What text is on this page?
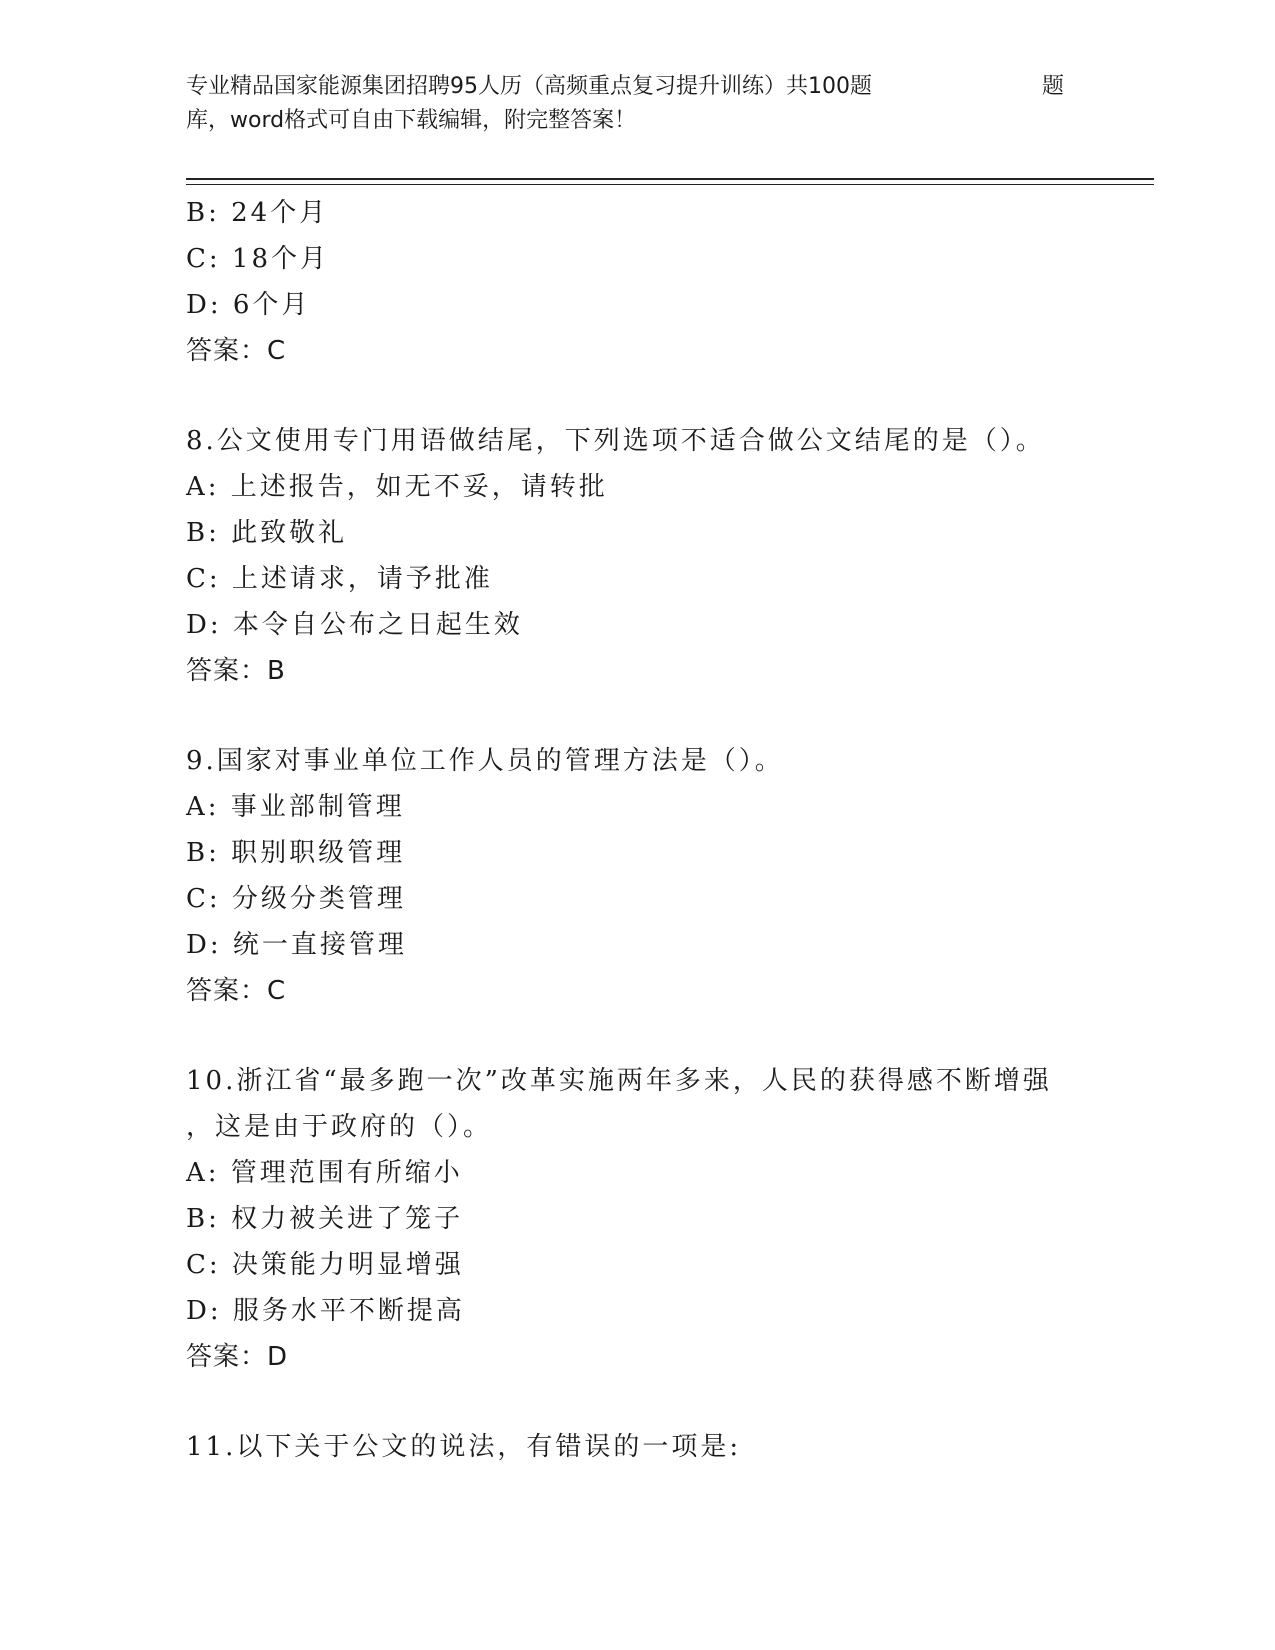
专业精品国家能源集团招聘95人历（高频重点复习提升训练）共100题	题
库，word格式可自由下载编辑，附完整答案！
B: 24个月
C: 18个月
D: 6个月
答案：C
8.公文使用专门用语做结尾，下列选项不适合做公文结尾的是（）。
A: 上述报告，如无不妥，请转批
B: 此致敬礼
C: 上述请求，请予批准
D: 本令自公布之日起生效
答案：B
9.国家对事业单位工作人员的管理方法是（）。
A: 事业部制管理
B: 职别职级管理
C: 分级分类管理
D: 统一直接管理
答案：C
10.浙江省“最多跑一次”改革实施两年多来，人民的获得感不断增强
，这是由于政府的（）。
A: 管理范围有所缩小
B: 权力被关进了笼子
C: 决策能力明显增强
D: 服务水平不断提高
答案：D
11.以下关于公文的说法，有错误的一项是:
